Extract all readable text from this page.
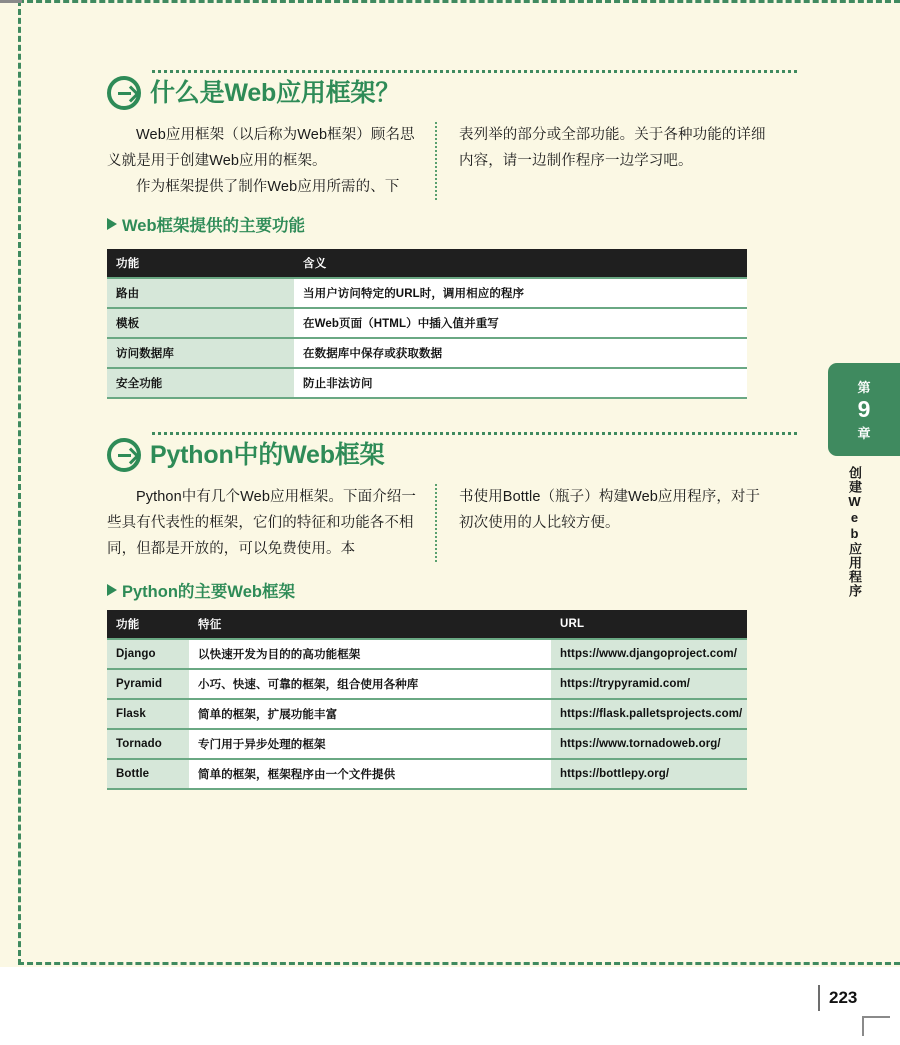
什么是Web应用框架？

Web应用框架（以后称为Web框架）顾名思义就是用于创建Web应用的框架。

作为框架提供了制作Web应用所需的、下

表列举的部分或全部功能。关于各种功能的详细内容，请一边制作程序一边学习吧。

Web框架提供的主要功能
功能	含义
路由	当用户访问特定的URL时，调用相应的程序
模板	在Web页面（HTML）中插入值并重写
访问数据库	在数据库中保存或获取数据
安全功能	防止非法访问
Python中的Web框架

Python中有几个Web应用框架。下面介绍一些具有代表性的框架，它们的特征和功能各不相同，但都是开放的，可以免费使用。本

书使用Bottle（瓶子）构建Web应用程序，对于初次使用的人比较方便。

Python的主要Web框架
功能	特征	URL
Django	以快速开发为目的的高功能框架	https://www.djangoproject.com/
Pyramid	小巧、快速、可靠的框架，组合使用各种库	https://trypyramid.com/
Flask	简单的框架，扩展功能丰富	https://flask.palletsprojects.com/
Tornado	专门用于异步处理的框架	https://www.tornadoweb.org/
Bottle	简单的框架，框架程序由一个文件提供	https://bottlepy.org/
第
9
章
创建Web应用程序
223
